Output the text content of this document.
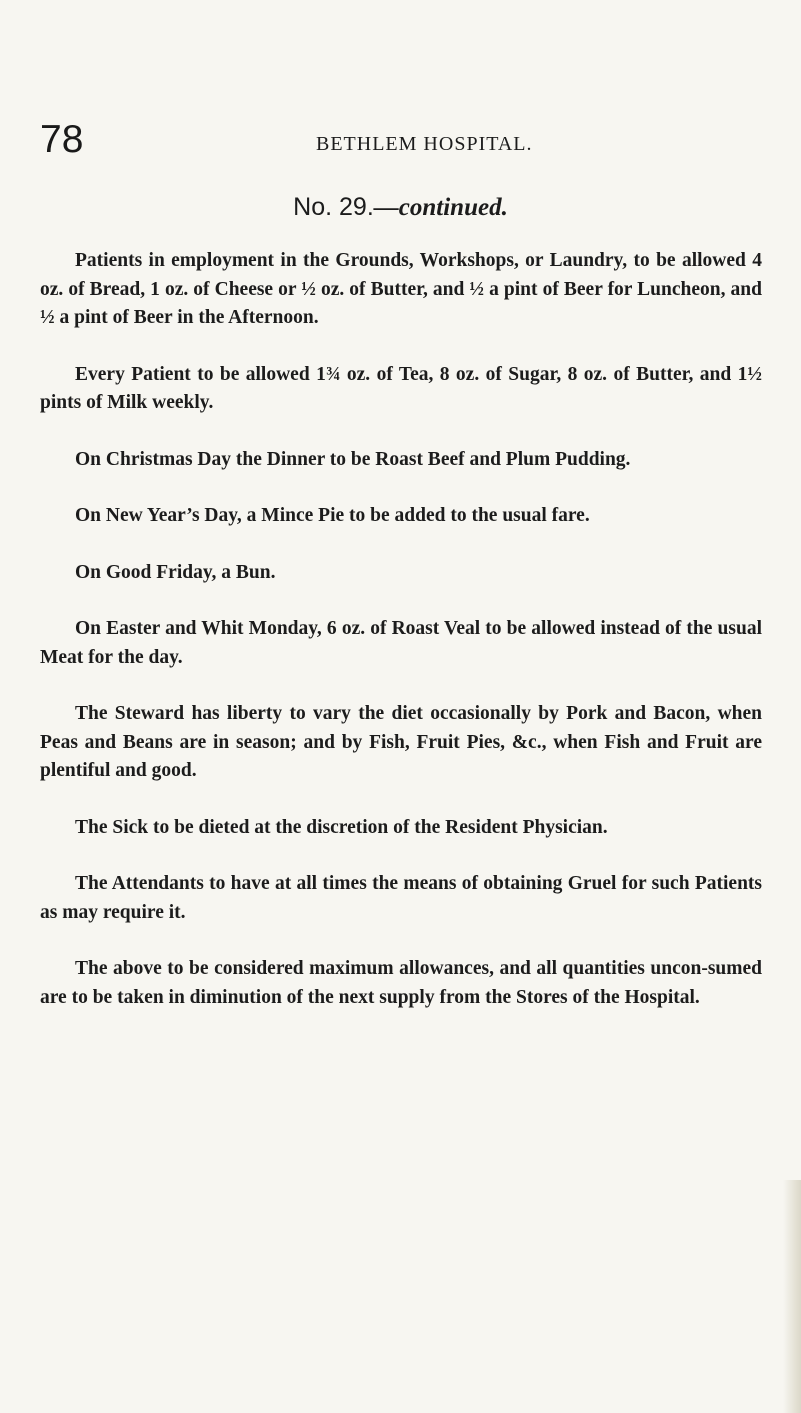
78	BETHLEM HOSPITAL.
No. 29.—continued.

Patients in employment in the Grounds, Workshops, or Laundry, to be allowed 4 oz. of Bread, 1 oz. of Cheese or ½ oz. of Butter, and ½ a pint of Beer for Luncheon, and ½ a pint of Beer in the Afternoon.

Every Patient to be allowed 1¾ oz. of Tea, 8 oz. of Sugar, 8 oz. of Butter, and 1½ pints of Milk weekly.

On Christmas Day the Dinner to be Roast Beef and Plum Pudding.

On New Year’s Day, a Mince Pie to be added to the usual fare.

On Good Friday, a Bun.

On Easter and Whit Monday, 6 oz. of Roast Veal to be allowed instead of the usual Meat for the day.

The Steward has liberty to vary the diet occasionally by Pork and Bacon, when Peas and Beans are in season; and by Fish, Fruit Pies, &c., when Fish and Fruit are plentiful and good.

The Sick to be dieted at the discretion of the Resident Physician.

The Attendants to have at all times the means of obtaining Gruel for such Patients as may require it.

The above to be considered maximum allowances, and all quantities uncon-sumed are to be taken in diminution of the next supply from the Stores of the Hospital.
